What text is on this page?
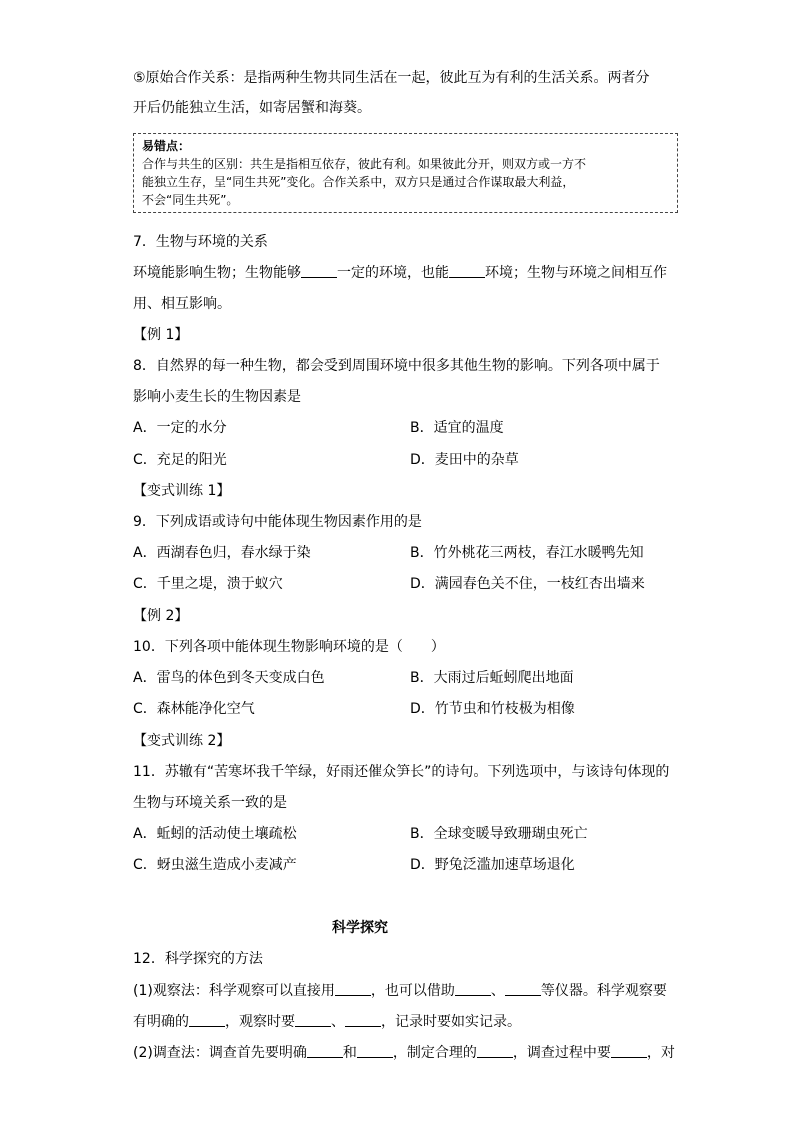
⑤原始合作关系：是指两种生物共同生活在一起，彼此互为有利的生活关系。两者分
开后仍能独立生活，如寄居蟹和海葵。
易错点：
合作与共生的区别：共生是指相互依存，彼此有利。如果彼此分开，则双方或一方不
能独立生存，呈“同生共死”变化。合作关系中，双方只是通过合作谋取最大利益，
不会“同生共死”。
7．生物与环境的关系
环境能影响生物；生物能够	一定的环境，也能	环境；生物与环境之间相互作
用、相互影响。
【例 1】
8．自然界的每一种生物，都会受到周围环境中很多其他生物的影响。下列各项中属于
影响小麦生长的生物因素是
A．一定的水分	B．适宜的温度
C．充足的阳光	D．麦田中的杂草
【变式训练 1】
9．下列成语或诗句中能体现生物因素作用的是
A．西湖春色归，春水绿于染	B．竹外桃花三两枝，春江水暖鸭先知
C．千里之堤，溃于蚁穴	D．满园春色关不住，一枝红杏出墙来
【例 2】
10．下列各项中能体现生物影响环境的是（　　）
A．雷鸟的体色到冬天变成白色	B．大雨过后蚯蚓爬出地面
C．森林能净化空气	D．竹节虫和竹枝极为相像
【变式训练 2】
11．苏辙有“苦寒坏我千竿绿，好雨还催众笋长”的诗句。下列选项中，与该诗句体现的
生物与环境关系一致的是
A．蚯蚓的活动使土壤疏松	B．全球变暖导致珊瑚虫死亡
C．蚜虫滋生造成小麦减产	D．野兔泛滥加速草场退化
科学探究
12．科学探究的方法
(1)观察法：科学观察可以直接用	，也可以借助	、	等仪器。科学观察要
有明确的	，观察时要	、	，记录时要如实记录。
(2)调查法：调查首先要明确	和	，制定合理的	，调查过程中要	，对
